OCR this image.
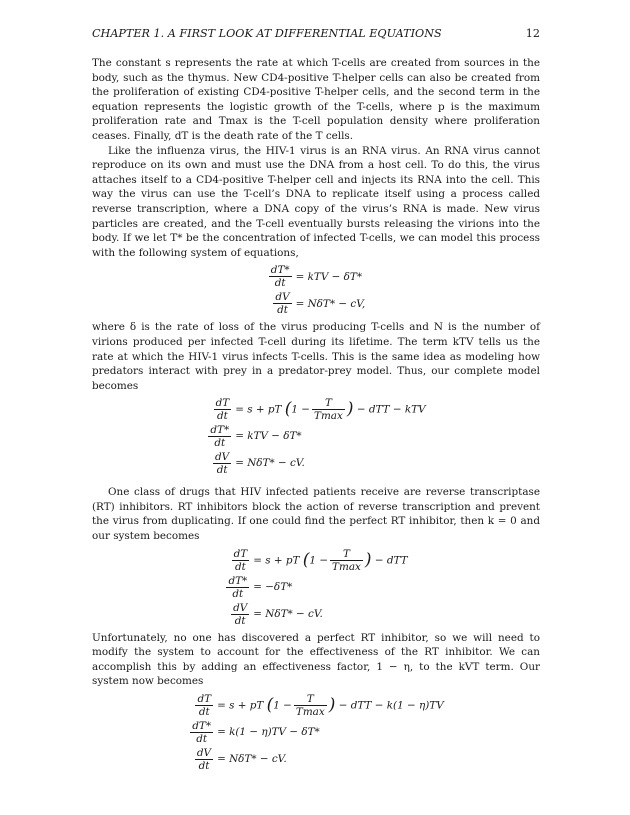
CHAPTER 1. A FIRST LOOK AT DIFFERENTIAL EQUATIONS	12

The constant s represents the rate at which T-cells are created from sources in the body, such as the thymus. New CD4-positive T-helper cells can also be created from the proliferation of existing CD4-positive T-helper cells, and the second term in the equation represents the logistic growth of the T-cells, where p is the maximum proliferation rate and Tmax is the T-cell population density where proliferation ceases. Finally, dT is the death rate of the T cells.

Like the influenza virus, the HIV-1 virus is an RNA virus. An RNA virus cannot reproduce on its own and must use the DNA from a host cell. To do this, the virus attaches itself to a CD4-positive T-helper cell and injects its RNA into the cell. This way the virus can use the T-cell’s DNA to replicate itself using a process called reverse transcription, where a DNA copy of the virus’s RNA is made. New virus particles are created, and the T-cell eventually bursts releasing the virions into the body. If we let T* be the concentration of infected T-cells, we can model this process with the following system of equations,

$\frac{dT*}{dt}$	= kTV − δT*

$\frac{dV}{dt}$	= NδT* − cV,

where δ is the rate of loss of the virus producing T-cells and N is the number of virions produced per infected T-cell during its lifetime. The term kTV tells us the rate at which the HIV-1 virus infects T-cells. This is the same idea as modeling how predators interact with prey in a predator-prey model. Thus, our complete model becomes

$\frac{dT}{dt}$	= s + pT ($1 - \frac{T}{Tmax}$ ) − dTT − kTV

$\frac{dT*}{dt}$	= kTV − δT*

$\frac{dV}{dt}$	= NδT* − cV.

One class of drugs that HIV infected patients receive are reverse transcriptase (RT) inhibitors. RT inhibitors block the action of reverse transcription and prevent the virus from duplicating. If one could find the perfect RT inhibitor, then k = 0 and our system becomes

$\frac{dT}{dt}$	= s + pT ($1 - \frac{T}{Tmax}$ ) − dTT

$\frac{dT*}{dt}$	= −δT*

$\frac{dV}{dt}$	= NδT* − cV.

Unfortunately, no one has discovered a perfect RT inhibitor, so we will need to modify the system to account for the effectiveness of the RT inhibitor. We can accomplish this by adding an effectiveness factor, 1 − η, to the kVT term. Our system now becomes

$\frac{dT}{dt}$	= s + pT ($1 - \frac{T}{Tmax}$ ) − dTT − k(1 − η)TV

$\frac{dT*}{dt}$	= k(1 − η)TV − δT*

$\frac{dV}{dt}$	= NδT* − cV.
